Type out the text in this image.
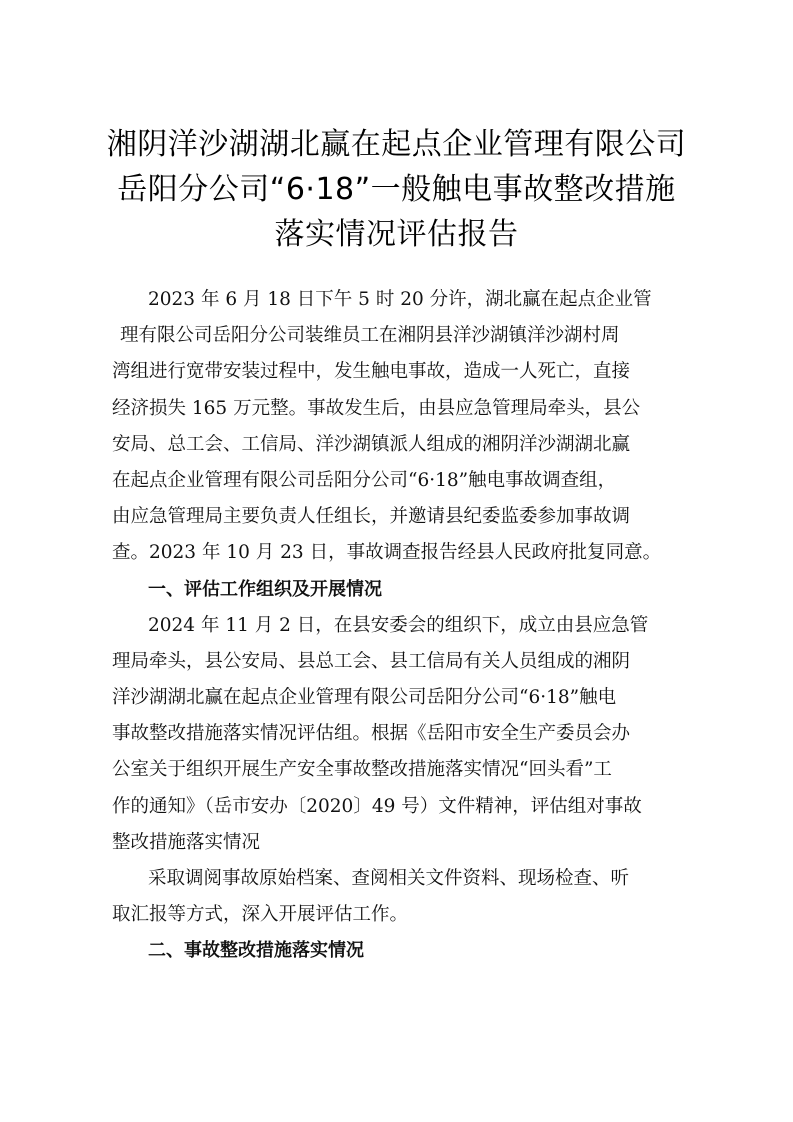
湘阴洋沙湖湖北赢在起点企业管理有限公司
岳阳分公司“6·18”一般触电事故整改措施
落实情况评估报告
2023 年 6 月 18 日下午 5 时 20 分许，湖北赢在起点企业管
理有限公司岳阳分公司装维员工在湘阴县洋沙湖镇洋沙湖村周
湾组进行宽带安装过程中，发生触电事故，造成一人死亡，直接
经济损失 165 万元整。事故发生后，由县应急管理局牵头，县公
安局、总工会、工信局、洋沙湖镇派人组成的湘阴洋沙湖湖北赢
在起点企业管理有限公司岳阳分公司“6·18”触电事故调查组，
由应急管理局主要负责人任组长，并邀请县纪委监委参加事故调
查。2023 年 10 月 23 日，事故调查报告经县人民政府批复同意。
一、评估工作组织及开展情况
2024 年 11 月 2 日，在县安委会的组织下，成立由县应急管
理局牵头，县公安局、县总工会、县工信局有关人员组成的湘阴
洋沙湖湖北赢在起点企业管理有限公司岳阳分公司“6·18”触电
事故整改措施落实情况评估组。根据《岳阳市安全生产委员会办
公室关于组织开展生产安全事故整改措施落实情况“回头看”工
作的通知》（岳市安办〔2020〕49 号）文件精神，评估组对事故
整改措施落实情况
采取调阅事故原始档案、查阅相关文件资料、现场检查、听
取汇报等方式，深入开展评估工作。
二、事故整改措施落实情况
